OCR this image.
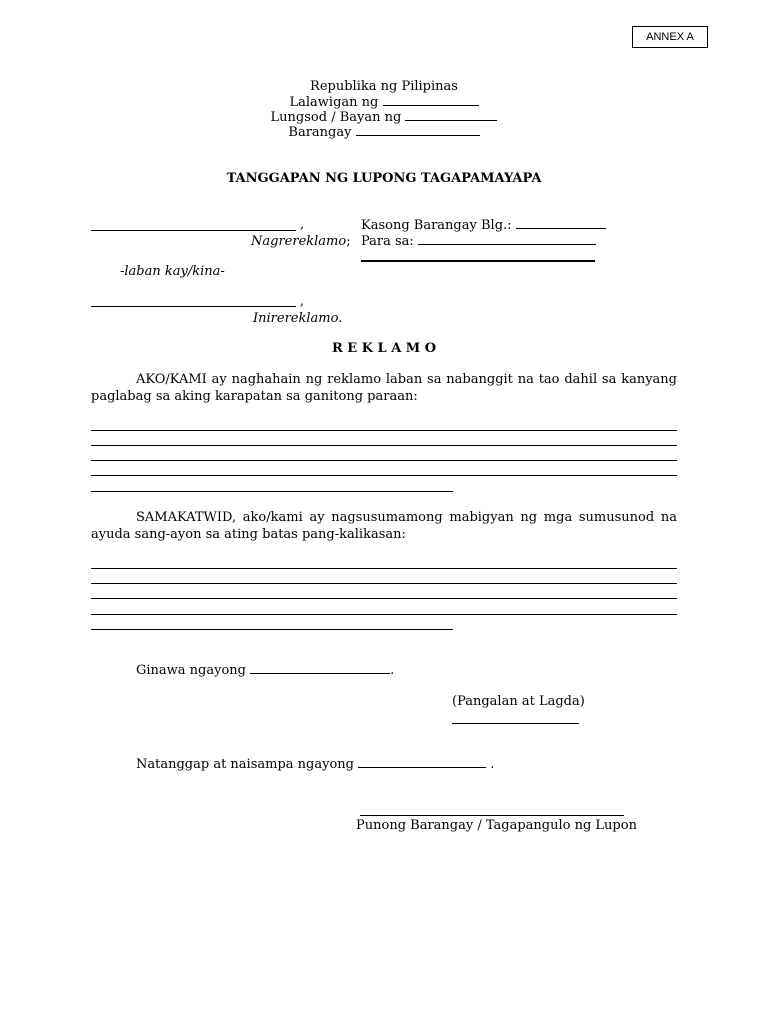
ANNEX A
Republika ng Pilipinas
Lalawigan ng
Lungsod / Bayan ng
Barangay
TANGGAPAN NG LUPONG TAGAPAMAYAPA
,
Nagrereklamo;
Kasong Barangay Blg.:
Para sa:
-laban kay/kina-
,
Inirereklamo.
R E K L A M O
AKO/KAMI ay naghahain ng reklamo laban sa nabanggit na tao dahil sa kanyang paglabag sa aking karapatan sa ganitong paraan:
SAMAKATWID, ako/kami ay nagsusumamong mabigyan ng mga sumusunod na ayuda sang-ayon sa ating batas pang-kalikasan:
Ginawa ngayong	.
(Pangalan at Lagda)
Natanggap at naisampa ngayong	.
Punong Barangay / Tagapangulo ng Lupon
